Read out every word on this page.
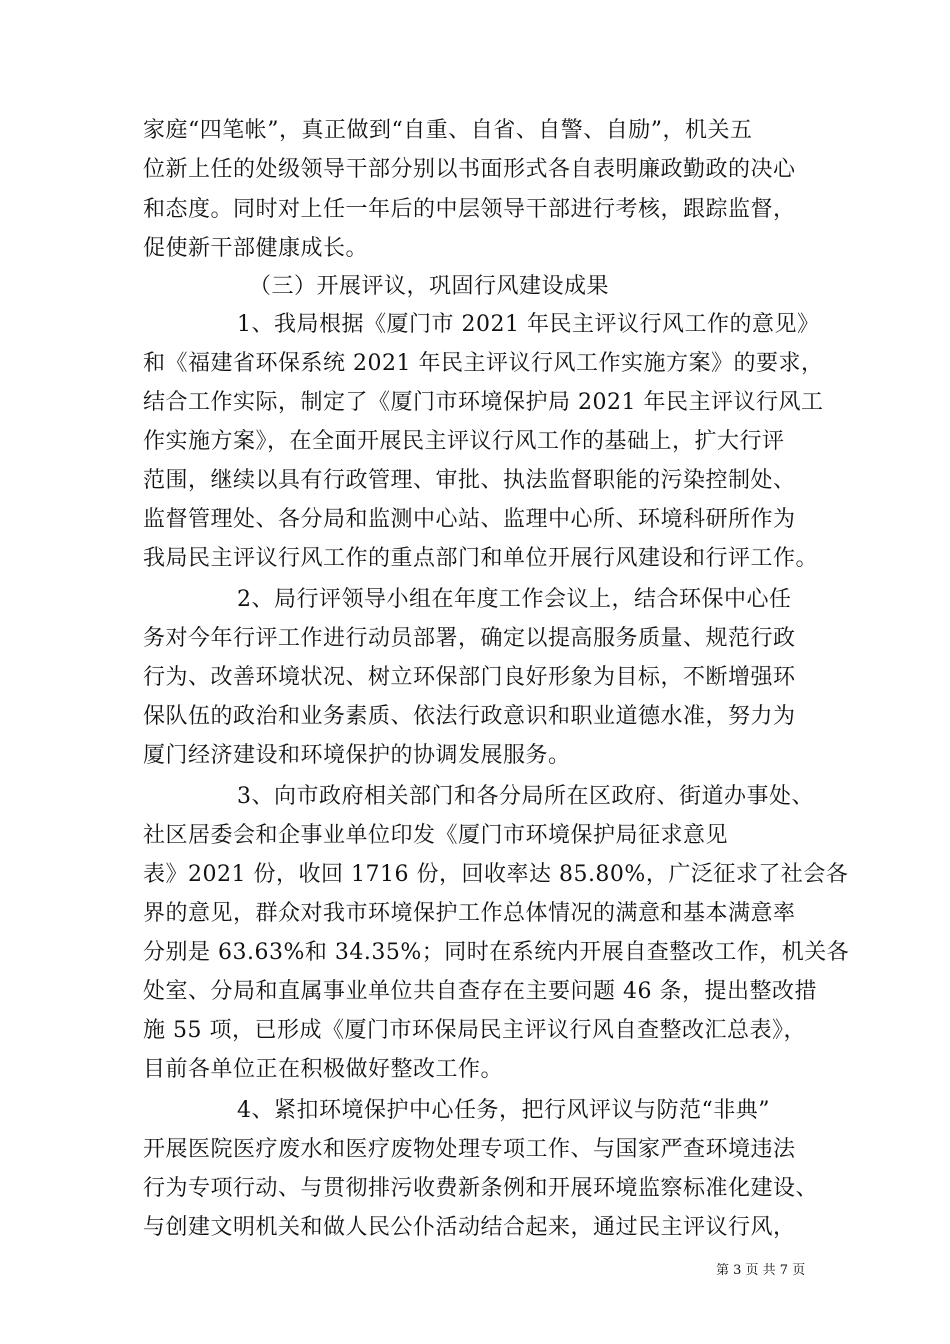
家庭“四笔帐”，真正做到“自重、自省、自警、自励”，机关五
位新上任的处级领导干部分别以书面形式各自表明廉政勤政的决心
和态度。同时对上任一年后的中层领导干部进行考核，跟踪监督，
促使新干部健康成长。
（三）开展评议，巩固行风建设成果
1、我局根据《厦门市 2021 年民主评议行风工作的意见》
和《福建省环保系统 2021 年民主评议行风工作实施方案》的要求，
结合工作实际，制定了《厦门市环境保护局 2021 年民主评议行风工
作实施方案》，在全面开展民主评议行风工作的基础上，扩大行评
范围，继续以具有行政管理、审批、执法监督职能的污染控制处、
监督管理处、各分局和监测中心站、监理中心所、环境科研所作为
我局民主评议行风工作的重点部门和单位开展行风建设和行评工作。
2、局行评领导小组在年度工作会议上，结合环保中心任
务对今年行评工作进行动员部署，确定以提高服务质量、规范行政
行为、改善环境状况、树立环保部门良好形象为目标，不断增强环
保队伍的政治和业务素质、依法行政意识和职业道德水准，努力为
厦门经济建设和环境保护的协调发展服务。
3、向市政府相关部门和各分局所在区政府、街道办事处、
社区居委会和企事业单位印发《厦门市环境保护局征求意见
表》2021 份，收回 1716 份，回收率达 85.80%，广泛征求了社会各
界的意见，群众对我市环境保护工作总体情况的满意和基本满意率
分别是 63.63%和 34.35%；同时在系统内开展自查整改工作，机关各
处室、分局和直属事业单位共自查存在主要问题 46 条，提出整改措
施 55 项，已形成《厦门市环保局民主评议行风自查整改汇总表》，
目前各单位正在积极做好整改工作。
4、紧扣环境保护中心任务，把行风评议与防范“非典”
开展医院医疗废水和医疗废物处理专项工作、与国家严查环境违法
行为专项行动、与贯彻排污收费新条例和开展环境监察标准化建设、
与创建文明机关和做人民公仆活动结合起来，通过民主评议行风，
第 3 页 共 7 页
